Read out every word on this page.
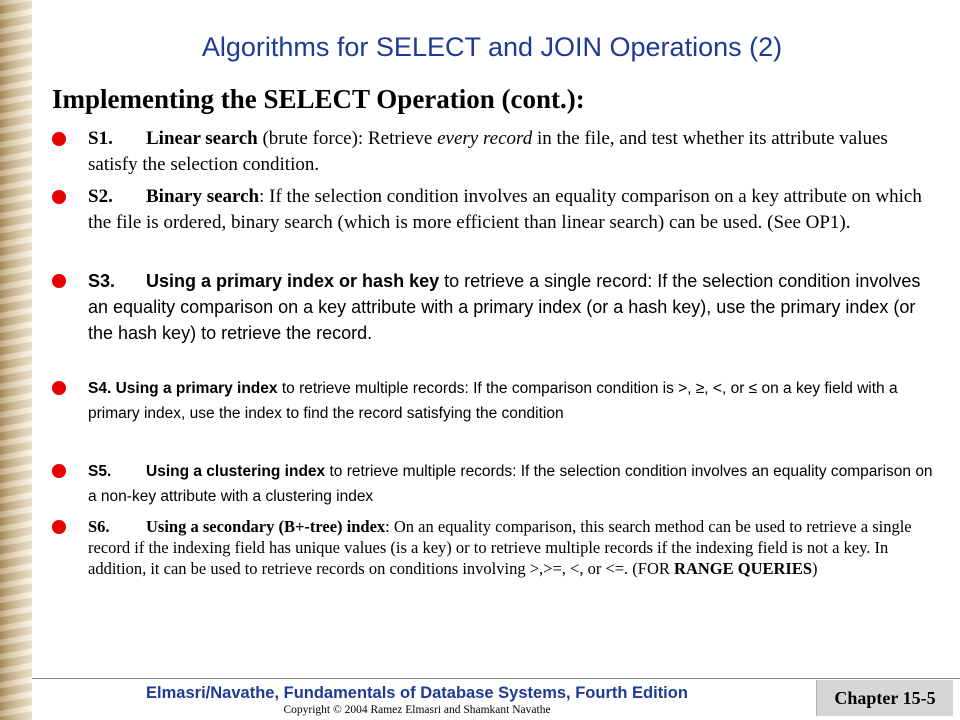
Algorithms for SELECT and JOIN Operations (2)
Implementing the SELECT Operation (cont.):
S1. Linear search (brute force): Retrieve every record in the file, and test whether its attribute values satisfy the selection condition.
S2. Binary search: If the selection condition involves an equality comparison on a key attribute on which the file is ordered, binary search (which is more efficient than linear search) can be used. (See OP1).
S3. Using a primary index or hash key to retrieve a single record: If the selection condition involves an equality comparison on a key attribute with a primary index (or a hash key), use the primary index (or the hash key) to retrieve the record.
S4. Using a primary index to retrieve multiple records: If the comparison condition is >, ≥, <, or ≤ on a key field with a primary index, use the index to find the record satisfying the condition
S5. Using a clustering index to retrieve multiple records: If the selection condition involves an equality comparison on a non-key attribute with a clustering index
S6. Using a secondary (B+-tree) index: On an equality comparison, this search method can be used to retrieve a single record if the indexing field has unique values (is a key) or to retrieve multiple records if the indexing field is not a key. In addition, it can be used to retrieve records on conditions involving >,>=, <, or <=. (FOR RANGE QUERIES)
Elmasri/Navathe, Fundamentals of Database Systems, Fourth Edition
Copyright © 2004 Ramez Elmasri and Shamkant Navathe
Chapter 15-5
